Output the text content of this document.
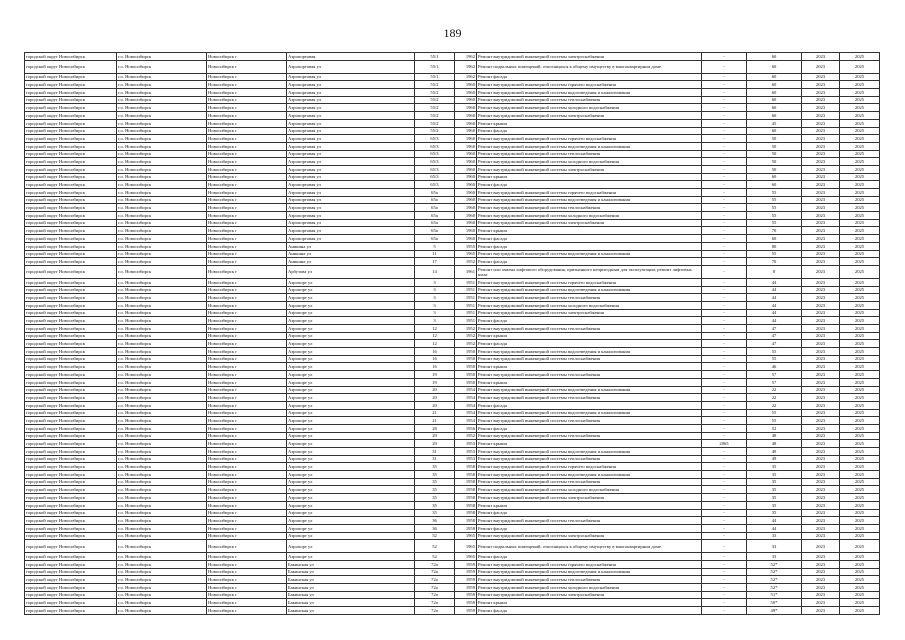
189
городской округ Новосибирск	г.о. Новосибирск	Новосибирск г	Аэропортовая	55/1	1962	Ремонт внутридомовой инженерной системы электроснабжения	-	60	2023	2025
городской округ Новосибирск	г.о. Новосибирск	Новосибирск г	Аэропортовая ул	55/1	1962	Ремонт подвальных помещений, относящихся к общему имуществу в многоквартирном доме	-	60	2023	2025
городской округ Новосибирск	г.о. Новосибирск	Новосибирск г	Аэропортовая ул	55/1	1962	Ремонт фасада	-	60	2023	2025
городской округ Новосибирск	г.о. Новосибирск	Новосибирск г	Аэропортовая ул	55/2	1960	Ремонт внутридомовой инженерной системы горячего водоснабжения	-	60	2023	2025
городской округ Новосибирск	г.о. Новосибирск	Новосибирск г	Аэропортовая ул	55/2	1960	Ремонт внутридомовой инженерной системы водоотведения и канализования	-	60	2023	2025
городской округ Новосибирск	г.о. Новосибирск	Новосибирск г	Аэропортовая ул	55/2	1960	Ремонт внутридомовой инженерной системы теплоснабжения	-	60	2023	2025
городской округ Новосибирск	г.о. Новосибирск	Новосибирск г	Аэропортовая ул	55/2	1960	Ремонт внутридомовой инженерной системы холодного водоснабжения	-	60	2023	2025
городской округ Новосибирск	г.о. Новосибирск	Новосибирск г	Аэропортовая ул	55/2	1960	Ремонт внутридомовой инженерной системы электроснабжения	-	60	2023	2025
городской округ Новосибирск	г.о. Новосибирск	Новосибирск г	Аэропортовая ул	55/2	1960	Ремонт крыши	-	45	2023	2025
городской округ Новосибирск	г.о. Новосибирск	Новосибирск г	Аэропортовая ул	55/2	1960	Ремонт фасада	-	60	2023	2025
городской округ Новосибирск	г.о. Новосибирск	Новосибирск г	Аэропортовая ул	65/3	1960	Ремонт внутридомовой инженерной системы горячего водоснабжения	-	50	2023	2025
городской округ Новосибирск	г.о. Новосибирск	Новосибирск г	Аэропортовая ул	65/3	1960	Ремонт внутридомовой инженерной системы водоотведения и канализования	-	50	2023	2025
городской округ Новосибирск	г.о. Новосибирск	Новосибирск г	Аэропортовая ул	65/3	1960	Ремонт внутридомовой инженерной системы теплоснабжения	-	50	2023	2025
городской округ Новосибирск	г.о. Новосибирск	Новосибирск г	Аэропортовая ул	65/3	1960	Ремонт внутридомовой инженерной системы холодного водоснабжения	-	50	2023	2025
городской округ Новосибирск	г.о. Новосибирск	Новосибирск г	Аэропортовая ул	65/3	1960	Ремонт внутридомовой инженерной системы электроснабжения	-	50	2023	2025
городской округ Новосибирск	г.о. Новосибирск	Новосибирск г	Аэропортовая ул	65/3	1960	Ремонт крыши	-	60	2023	2025
городской округ Новосибирск	г.о. Новосибирск	Новосибирск г	Аэропортовая ул	65/3	1960	Ремонт фасада	-	60	2023	2025
городской округ Новосибирск	г.о. Новосибирск	Новосибирск г	Аэропортовая ул	65а	1960	Ремонт внутридомовой инженерной системы горячего водоснабжения	-	55	2023	2025
городской округ Новосибирск	г.о. Новосибирск	Новосибирск г	Аэропортовая ул	65а	1960	Ремонт внутридомовой инженерной системы водоотведения и канализования	-	55	2023	2025
городской округ Новосибирск	г.о. Новосибирск	Новосибирск г	Аэропортовая ул	65а	1960	Ремонт внутридомовой инженерной системы теплоснабжения	-	55	2023	2025
городской округ Новосибирск	г.о. Новосибирск	Новосибирск г	Аэропортовая ул	65а	1960	Ремонт внутридомовой инженерной системы холодного водоснабжения	-	55	2023	2025
городской округ Новосибирск	г.о. Новосибирск	Новосибирск г	Аэропортовая ул	65а	1960	Ремонт внутридомовой инженерной системы электроснабжения	-	55	2023	2025
городской округ Новосибирск	г.о. Новосибирск	Новосибирск г	Аэропортовая ул	65а	1960	Ремонт крыши	-	70	2023	2025
городской округ Новосибирск	г.о. Новосибирск	Новосибирск г	Аэропортовая ул	65а	1960	Ремонт фасада	-	60	2023	2025
городской округ Новосибирск	г.о. Новосибирск	Новосибирск г	Аникина ул	5	1955	Ремонт фасада	-	80	2023	2025
городской округ Новосибирск	г.о. Новосибирск	Новосибирск г	Аникина ул	11	1965	Ремонт внутридомовой инженерной системы водоотведения и канализования	-	55	2023	2025
городской округ Новосибирск	г.о. Новосибирск	Новосибирск г	Аникина ул	17	1952	Ремонт фасада	-	70	2023	2025
городской округ Новосибирск	г.о. Новосибирск	Новосибирск г	Арбузова ул	14	1961	Ремонт или замена лифтового оборудования, признанного непригодным для эксплуатации, ремонт лифтовых шахт	-	8	2023	2025
городской округ Новосибирск	г.о. Новосибирск	Новосибирск г	Аэропорт ул	3	1951	Ремонт внутридомовой инженерной системы горячего водоснабжения	-	44	2023	2025
городской округ Новосибирск	г.о. Новосибирск	Новосибирск г	Аэропорт ул	3	1951	Ремонт внутридомовой инженерной системы водоотведения и канализования	-	44	2023	2025
городской округ Новосибирск	г.о. Новосибирск	Новосибирск г	Аэропорт ул	3	1951	Ремонт внутридомовой инженерной системы теплоснабжения	-	44	2023	2025
городской округ Новосибирск	г.о. Новосибирск	Новосибирск г	Аэропорт ул	3	1951	Ремонт внутридомовой инженерной системы холодного водоснабжения	-	44	2023	2025
городской округ Новосибирск	г.о. Новосибирск	Новосибирск г	Аэропорт ул	3	1951	Ремонт внутридомовой инженерной системы электроснабжения	-	44	2023	2025
городской округ Новосибирск	г.о. Новосибирск	Новосибирск г	Аэропорт ул	3	1951	Ремонт фасада	-	44	2023	2025
городской округ Новосибирск	г.о. Новосибирск	Новосибирск г	Аэропорт ул	12	1952	Ремонт внутридомовой инженерной системы теплоснабжения	-	47	2023	2025
городской округ Новосибирск	г.о. Новосибирск	Новосибирск г	Аэропорт ул	12	1952	Ремонт крыши	-	47	2023	2025
городской округ Новосибирск	г.о. Новосибирск	Новосибирск г	Аэропорт ул	12	1952	Ремонт фасада	-	47	2023	2025
городской округ Новосибирск	г.о. Новосибирск	Новосибирск г	Аэропорт ул	16	1950	Ремонт внутридомовой инженерной системы водоотведения и канализования	-	55	2023	2025
городской округ Новосибирск	г.о. Новосибирск	Новосибирск г	Аэропорт ул	16	1950	Ремонт внутридомовой инженерной системы теплоснабжения	-	55	2023	2025
городской округ Новосибирск	г.о. Новосибирск	Новосибирск г	Аэропорт ул	16	1950	Ремонт крыши	-	46	2023	2025
городской округ Новосибирск	г.о. Новосибирск	Новосибирск г	Аэропорт ул	19	1950	Ремонт внутридомовой инженерной системы теплоснабжения	-	57	2023	2025
городской округ Новосибирск	г.о. Новосибирск	Новосибирск г	Аэропорт ул	19	1950	Ремонт крыши	-	57	2023	2025
городской округ Новосибирск	г.о. Новосибирск	Новосибирск г	Аэропорт ул	20	1954	Ремонт внутридомовой инженерной системы водоотведения и канализования	-	22	2023	2025
городской округ Новосибирск	г.о. Новосибирск	Новосибирск г	Аэропорт ул	20	1954	Ремонт внутридомовой инженерной системы теплоснабжения	-	22	2023	2025
городской округ Новосибирск	г.о. Новосибирск	Новосибирск г	Аэропорт ул	20	1954	Ремонт фасада	-	22	2023	2025
городской округ Новосибирск	г.о. Новосибирск	Новосибирск г	Аэропорт ул	21	1954	Ремонт внутридомовой инженерной системы водоотведения и канализования	-	55	2023	2025
городской округ Новосибирск	г.о. Новосибирск	Новосибирск г	Аэропорт ул	21	1954	Ремонт внутридомовой инженерной системы теплоснабжения	-	55	2023	2025
городской округ Новосибирск	г.о. Новосибирск	Новосибирск г	Аэропорт ул	28	1956	Ремонт фасада	-	52	2023	2025
городской округ Новосибирск	г.о. Новосибирск	Новосибирск г	Аэропорт ул	29	1952	Ремонт внутридомовой инженерной системы теплоснабжения	-	48	2023	2025
городской округ Новосибирск	г.о. Новосибирск	Новосибирск г	Аэропорт ул	29	1953	Ремонт крыши	2065	48	2023	2025
городской округ Новосибирск	г.о. Новосибирск	Новосибирск г	Аэропорт ул	31	1953	Ремонт внутридомовой инженерной системы водоотведения и канализования	-	49	2023	2025
городской округ Новосибирск	г.о. Новосибирск	Новосибирск г	Аэропорт ул	31	1953	Ремонт внутридомовой инженерной системы теплоснабжения	-	49	2023	2025
городской округ Новосибирск	г.о. Новосибирск	Новосибирск г	Аэропорт ул	35	1958	Ремонт внутридомовой инженерной системы горячего водоснабжения	-	35	2023	2025
городской округ Новосибирск	г.о. Новосибирск	Новосибирск г	Аэропорт ул	35	1958	Ремонт внутридомовой инженерной системы водоотведения и канализования	-	35	2023	2025
городской округ Новосибирск	г.о. Новосибирск	Новосибирск г	Аэропорт ул	35	1958	Ремонт внутридомовой инженерной системы теплоснабжения	-	35	2023	2025
городской округ Новосибирск	г.о. Новосибирск	Новосибирск г	Аэропорт ул	35	1958	Ремонт внутридомовой инженерной системы холодного водоснабжения	-	35	2023	2025
городской округ Новосибирск	г.о. Новосибирск	Новосибирск г	Аэропорт ул	35	1958	Ремонт внутридомовой инженерной системы электроснабжения	-	35	2023	2025
городской округ Новосибирск	г.о. Новосибирск	Новосибирск г	Аэропорт ул	35	1958	Ремонт крыши	-	35	2023	2025
городской округ Новосибирск	г.о. Новосибирск	Новосибирск г	Аэропорт ул	35	1958	Ремонт фасада	-	35	2023	2025
городской округ Новосибирск	г.о. Новосибирск	Новосибирск г	Аэропорт ул	36	1958	Ремонт внутридомовой инженерной системы теплоснабжения	-	44	2023	2025
городской округ Новосибирск	г.о. Новосибирск	Новосибирск г	Аэропорт ул	36	1958	Ремонт фасада	-	44	2023	2025
городской округ Новосибирск	г.о. Новосибирск	Новосибирск г	Аэропорт ул	52	1965	Ремонт внутридомовой инженерной системы электроснабжения	-	33	2023	2025
городской округ Новосибирск	г.о. Новосибирск	Новосибирск г	Аэропорт ул	52	1965	Ремонт подвальных помещений, относящихся к общему имуществу в многоквартирном доме	-	33	2023	2025
городской округ Новосибирск	г.о. Новосибирск	Новосибирск г	Аэропорт ул	52	1965	Ремонт фасада	-	33	2023	2025
городской округ Новосибирск	г.о. Новосибирск	Новосибирск г	Бакинская ул	72а	1959	Ремонт внутридомовой инженерной системы горячего водоснабжения	-	52*	2023	2025
городской округ Новосибирск	г.о. Новосибирск	Новосибирск г	Бакинская ул	72а	1959	Ремонт внутридомовой инженерной системы водоотведения и канализования	-	52*	2023	2025
городской округ Новосибирск	г.о. Новосибирск	Новосибирск г	Бакинская ул	72а	1959	Ремонт внутридомовой инженерной системы теплоснабжения	-	52*	2023	2025
городской округ Новосибирск	г.о. Новосибирск	Новосибирск г	Бакинская ул	72а	1959	Ремонт внутридомовой инженерной системы холодного водоснабжения	-	52*	2023	2025
городской округ Новосибирск	г.о. Новосибирск	Новосибирск г	Бакинская ул	72а	1959	Ремонт внутридомовой инженерной системы электроснабжения	-	51*	2023	2025
городской округ Новосибирск	г.о. Новосибирск	Новосибирск г	Бакинская ул	72а	1959	Ремонт крыши	-	50*	2023	2025
городской округ Новосибирск	г.о. Новосибирск	Новосибирск г	Бакинская ул	72а	1959	Ремонт фасада	-	49*	2023	2025
